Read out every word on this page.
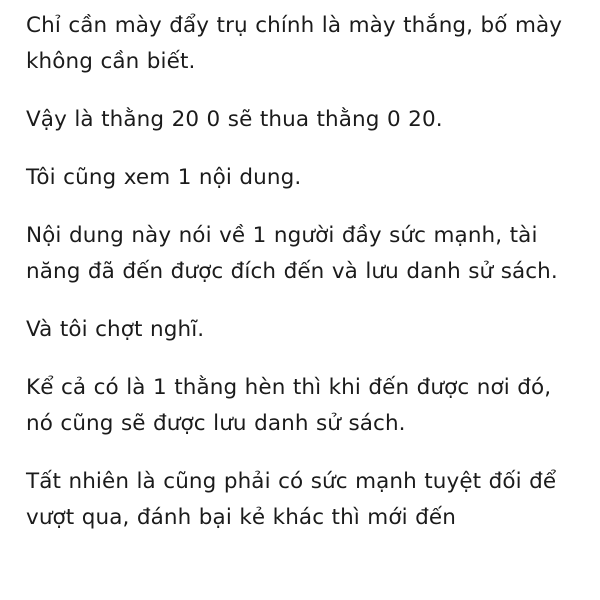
Chỉ cần mày đẩy trụ chính là mày thắng, bố mày không cần biết.

Vậy là thằng 20 0 sẽ thua thằng 0 20.

Tôi cũng xem 1 nội dung.

Nội dung này nói về 1 người đầy sức mạnh, tài năng đã đến được đích đến và lưu danh sử sách.

Và tôi chợt nghĩ.

Kể cả có là 1 thằng hèn thì khi đến được nơi đó, nó cũng sẽ được lưu danh sử sách.

Tất nhiên là cũng phải có sức mạnh tuyệt đối để vượt qua, đánh bại kẻ khác thì mới đến
